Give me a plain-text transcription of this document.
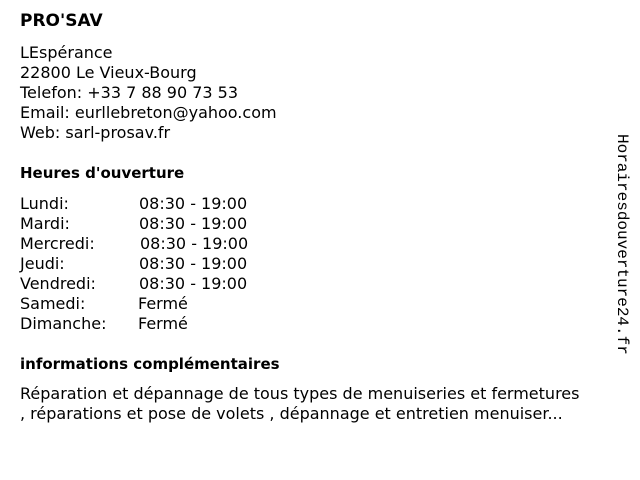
PRO'SAV
LEspérance
22800 Le Vieux-Bourg
Telefon: +33 7 88 90 73 53
Email: eurllebreton@yahoo.com
Web: sarl-prosav.fr
Heures d'ouverture
Lundi:	08:30 - 19:00
Mardi:	08:30 - 19:00
Mercredi:	08:30 - 19:00
Jeudi:	08:30 - 19:00
Vendredi:	08:30 - 19:00
Samedi:	Fermé
Dimanche: Fermé
informations complémentaires
Réparation et dépannage de tous types de menuiseries et fermetures
, réparations et pose de volets , dépannage et entretien menuiser...
Horairesdouverture24.fr
